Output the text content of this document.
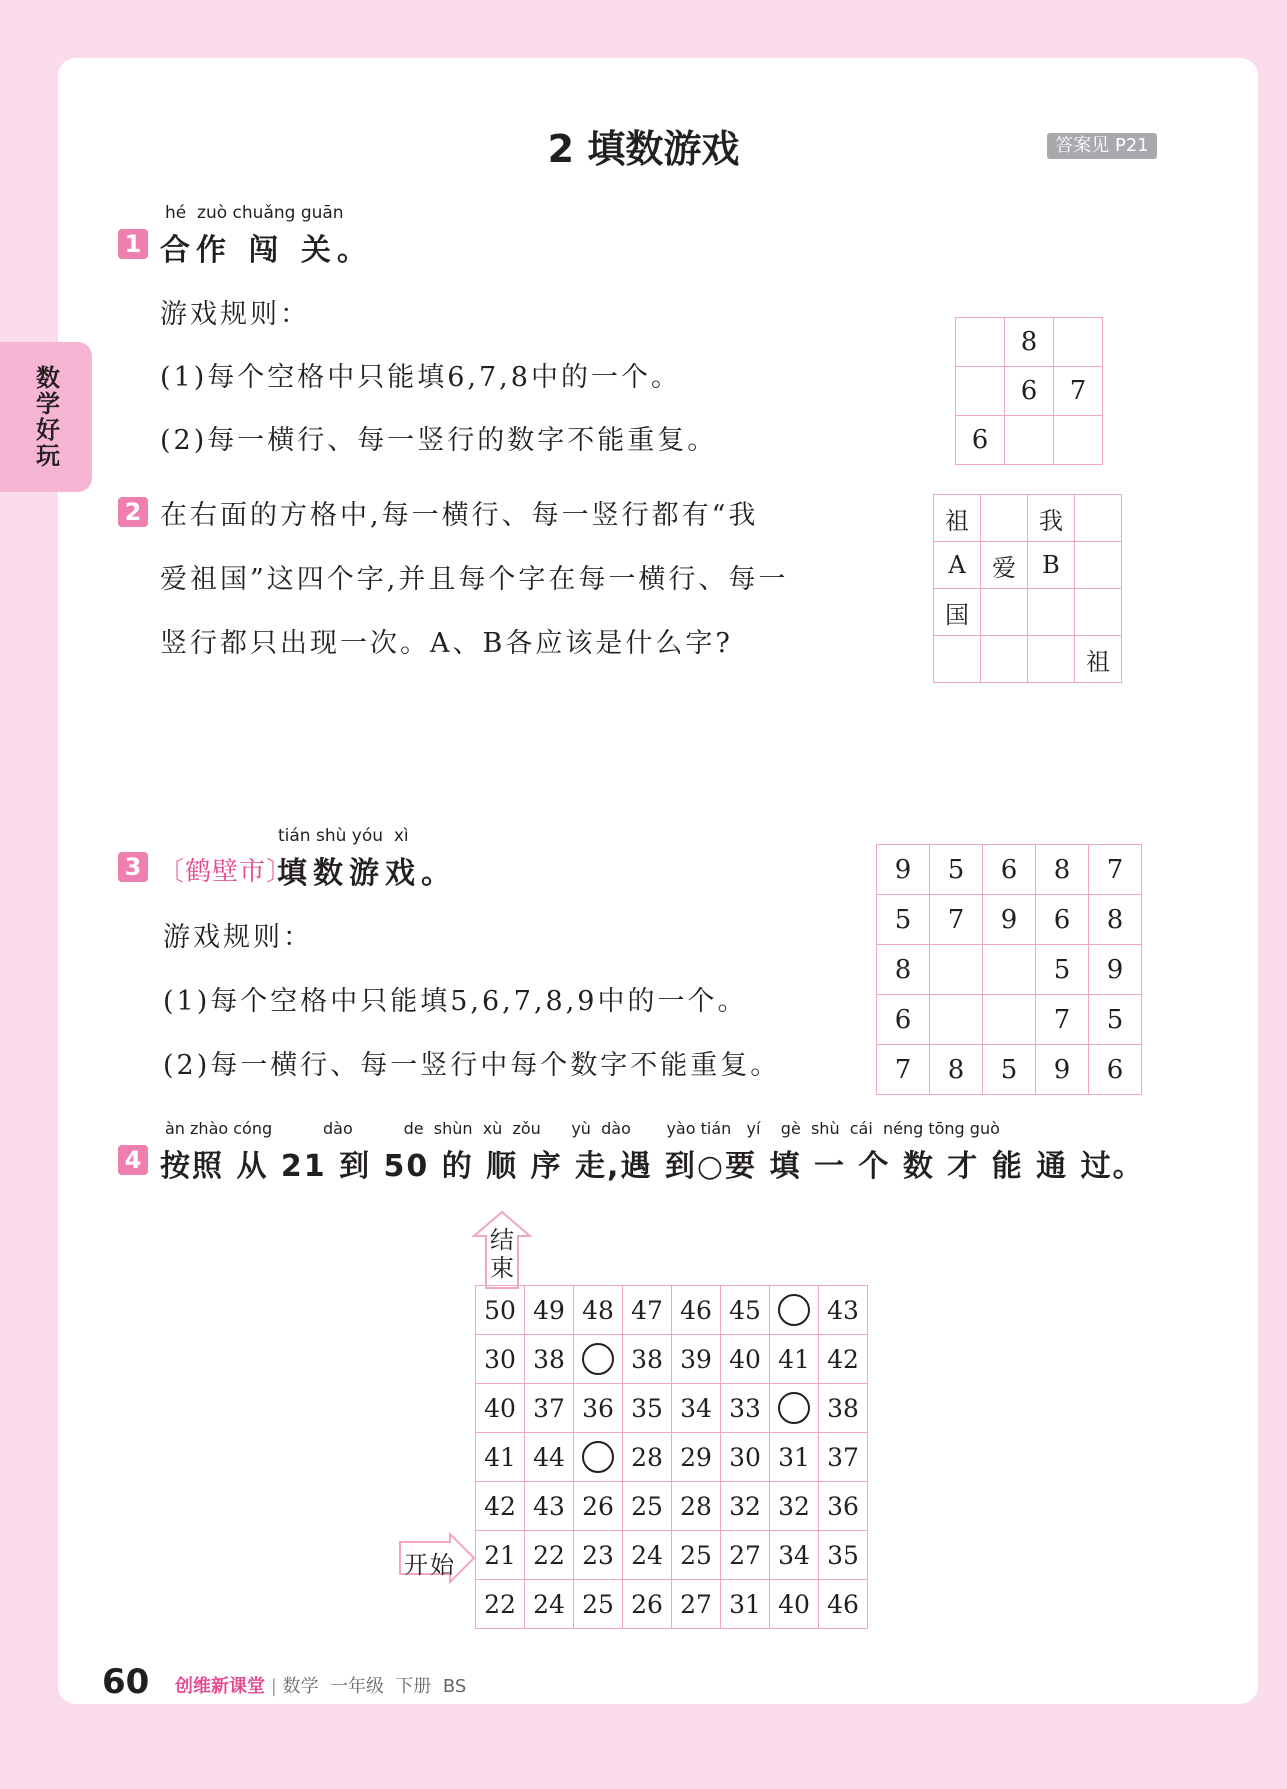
数学好玩
2 填数游戏	答案见 P21
hé  zuò chuǎng guān
1 合作 闯 关。
游戏规则：
(1)每个空格中只能填6,7,8中的一个。
(2)每一横行、每一竖行的数字不能重复。
	8	
	6	7
6		
2 在右面的方格中,每一横行、每一竖行都有“我
爱祖国”这四个字,并且每个字在每一横行、每一
竖行都只出现一次。A、B各应该是什么字?
祖		我	
A	爱	B	
国			
			祖
tián shù yóu  xì
3 〔鹤壁市〕
填数游戏。
游戏规则：
(1)每个空格中只能填5,6,7,8,9中的一个。
(2)每一横行、每一竖行中每个数字不能重复。
9	5	6	8	7
5	7	9	6	8
8			5	9
6			7	5
7	8	5	9	6
àn zhào cóng          dào          de  shùn  xù  zǒu      yù  dào       yào tián   yí    gè  shù  cái  néng tōng guò
4 按照 从 21 到 50 的 顺 序 走,遇 到○要 填 一 个 数 才 能 通 过。
结束
开始
50	49	48	47	46	45		43
30	38		38	39	40	41	42
40	37	36	35	34	33		38
41	44		28	29	30	31	37
42	43	26	25	28	32	32	36
21	22	23	24	25	27	34	35
22	24	25	26	27	31	40	46
60 创维新课堂 | 数学  一年级  下册  BS
